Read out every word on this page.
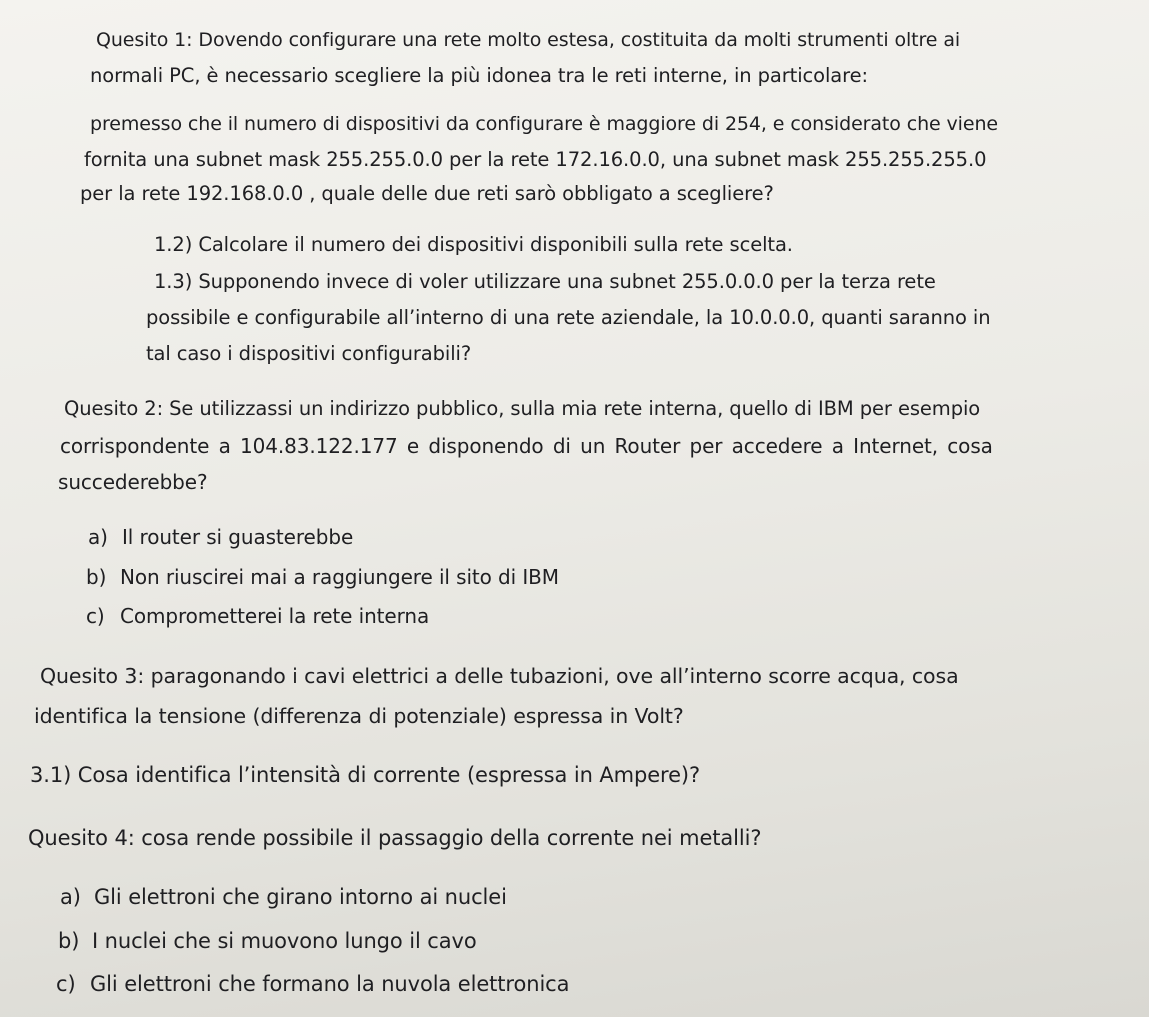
Quesito 1: Dovendo configurare una rete molto estesa, costituita da molti strumenti oltre ai
normali PC, è necessario scegliere la più idonea tra le reti interne, in particolare:
premesso che il numero di dispositivi da configurare è maggiore di 254, e considerato che viene
fornita una subnet mask 255.255.0.0 per la rete 172.16.0.0, una subnet mask 255.255.255.0
per la rete 192.168.0.0 , quale delle due reti sarò obbligato a scegliere?
1.2) Calcolare il numero dei dispositivi disponibili sulla rete scelta.
1.3) Supponendo invece di voler utilizzare una subnet 255.0.0.0 per la terza rete
possibile e configurabile all’interno di una rete aziendale, la 10.0.0.0, quanti saranno in
tal caso i dispositivi configurabili?
Quesito 2: Se utilizzassi un indirizzo pubblico, sulla mia rete interna, quello di IBM per esempio
corrispondente a 104.83.122.177 e disponendo di un Router per accedere a Internet, cosa
succederebbe?
a) Il router si guasterebbe
b) Non riuscirei mai a raggiungere il sito di IBM
c) Comprometterei la rete interna
Quesito 3: paragonando i cavi elettrici a delle tubazioni, ove all’interno scorre acqua, cosa
identifica la tensione (differenza di potenziale) espressa in Volt?
3.1) Cosa identifica l’intensità di corrente (espressa in Ampere)?
Quesito 4: cosa rende possibile il passaggio della corrente nei metalli?
a) Gli elettroni che girano intorno ai nuclei
b) I nuclei che si muovono lungo il cavo
c) Gli elettroni che formano la nuvola elettronica
